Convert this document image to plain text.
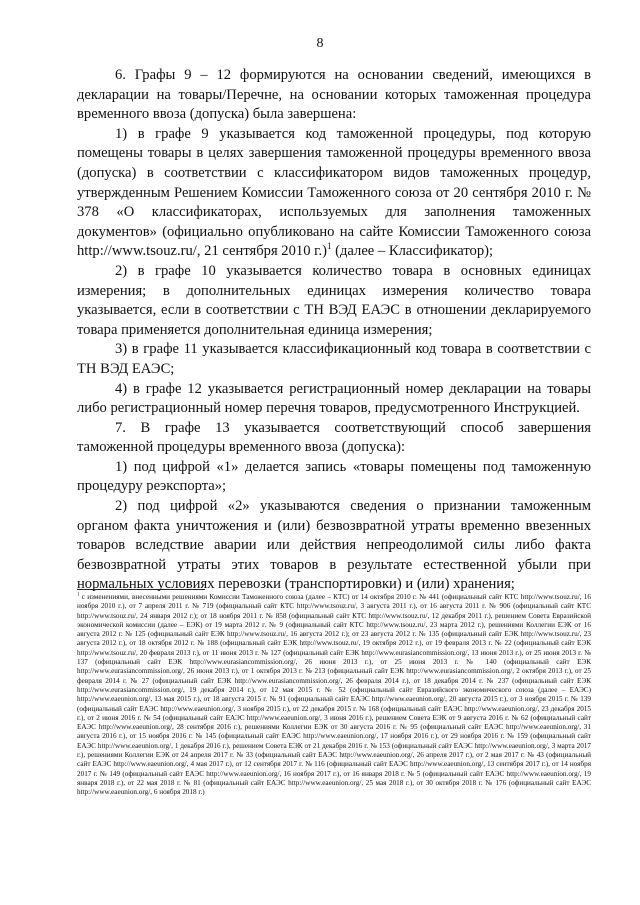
8

6. Графы 9 – 12 формируются на основании сведений, имеющихся в декларации на товары/Перечне, на основании которых таможенная процедура временного ввоза (допуска) была завершена:

1) в графе 9 указывается код таможенной процедуры, под которую помещены товары в целях завершения таможенной процедуры временного ввоза (допуска) в соответствии с классификатором видов таможенных процедур, утвержденным Решением Комиссии Таможенного союза от 20 сентября 2010 г. № 378 «О классификаторах, используемых для заполнения таможенных документов» (официально опубликовано на сайте Комиссии Таможенного союза http://www.tsouz.ru/, 21 сентября 2010 г.)$^1$ (далее – Классификатор);

2) в графе 10 указывается количество товара в основных единицах измерения; в дополнительных единицах измерения количество товара указывается, если в соответствии с ТН ВЭД ЕАЭС в отношении декларируемого товара применяется дополнительная единица измерения;

3) в графе 11 указывается классификационный код товара в соответствии с ТН ВЭД ЕАЭС;

4) в графе 12 указывается регистрационный номер декларации на товары либо регистрационный номер перечня товаров, предусмотренного Инструкцией.

7. В графе 13 указывается соответствующий способ завершения таможенной процедуры временного ввоза (допуска):

1) под цифрой «1» делается запись «товары помещены под таможенную процедуру реэкспорта»;

2) под цифрой «2» указываются сведения о признании таможенным органом факта уничтожения и (или) безвозвратной утраты временно ввезенных товаров вследствие аварии или действия непреодолимой силы либо факта безвозвратной утраты этих товаров в результате естественной убыли при нормальных условиях перевозки (транспортировки) и (или) хранения;

$^1$ с изменениями, внесенными решениями Комиссии Таможенного союза (далее – КТС) от 14 октября 2010 г. № 441 (официальный сайт КТС http://www.tsouz.ru/, 16 ноября 2010 г.), от 7 апреля 2011 г. № 719 (официальный сайт КТС http://www.tsouz.ru/, 3 августа 2011 г.), от 16 августа 2011 г. № 906 (официальный сайт КТС http://www.tsouz.ru/, 24 января 2012 г.); от 18 ноября 2011 г. № 858 (официальный сайт КТС http://www.tsouz.ru/, 12 декабря 2011 г.), решением Совета Евразийской экономической комиссии (далее – ЕЭК) от 19 марта 2012 г. № 9 (официальный сайт КТС http://www.tsouz.ru/, 23 марта 2012 г.), решениями Коллегии ЕЭК от 16 августа 2012 г. № 125 (официальный сайт ЕЭК http://www.tsouz.ru/, 16 августа 2012 г.); от 23 августа 2012 г. № 135 (официальный сайт ЕЭК http://www.tsouz.ru/, 23 августа 2012 г.), от 18 октября 2012 г. № 188 (официальный сайт ЕЭК http://www.tsouz.ru/, 19 октября 2012 г.), от 19 февраля 2013 г. № 22 (официальный сайт ЕЭК http://www.tsouz.ru/, 20 февраля 2013 г.), от 11 июня 2013 г. № 127 (официальный сайт ЕЭК http://www.eurasiancommission.org/, 13 июня 2013 г.), от 25 июня 2013 г. № 137 (официальный сайт ЕЭК http://www.eurasiancommission.org/, 26 июня 2013 г.), от 25 июня 2013 г. № 140 (официальный сайт ЕЭК http://www.eurasiancommission.org/, 26 июня 2013 г.), от 1 октября 2013 г. № 213 (официальный сайт ЕЭК http://www.eurasiancommission.org/, 2 октября 2013 г.), от 25 февраля 2014 г. № 27 (официальный сайт ЕЭК http://www.eurasiancommission.org/, 26 февраля 2014 г.), от 18 декабря 2014 г. № 237 (официальный сайт ЕЭК http://www.eurasiancommission.org/, 19 декабря 2014 г.), от 12 мая 2015 г. № 52 (официальный сайт Евразийского экономического союза (далее – ЕАЭС) http://www.eaeunion.org/, 13 мая 2015 г.), от 18 августа 2015 г. № 91 (официальный сайт ЕАЭС http://www.eaeunion.org/, 20 августа 2015 г.), от 3 ноября 2015 г. № 139 (официальный сайт ЕАЭС http://www.eaeunion.org/, 3 ноября 2015 г.), от 22 декабря 2015 г. № 168 (официальный сайт ЕАЭС http://www.eaeunion.org/, 23 декабря 2015 г.), от 2 июня 2016 г. № 54 (официальный сайт ЕАЭС http://www.eaeunion.org/, 3 июня 2016 г.), решением Совета ЕЭК от 9 августа 2016 г. № 62 (официальный сайт ЕАЭС http://www.eaeunion.org/, 28 сентября 2016 г.), решениями Коллегии ЕЭК от 30 августа 2016 г. № 95 (официальный сайт ЕАЭС http://www.eaeunion.org/, 31 августа 2016 г.), от 15 ноября 2016 г. № 145 (официальный сайт ЕАЭС http://www.eaeunion.org/, 17 ноября 2016 г.), от 29 ноября 2016 г. № 159 (официальный сайт ЕАЭС http://www.eaeunion.org/, 1 декабря 2016 г.), решением Совета ЕЭК от 21 декабря 2016 г. № 153 (официальный сайт ЕАЭС http://www.eaeunion.org/, 3 марта 2017 г.), решениями Коллегии ЕЭК от 24 апреля 2017 г. № 33 (официальный сайт ЕАЭС http://www.eaeunion.org/, 26 апреля 2017 г.), от 2 мая 2017 г. № 43 (официальный сайт ЕАЭС http://www.eaeunion.org/, 4 мая 2017 г.), от 12 сентября 2017 г. № 116 (официальный сайт ЕАЭС http://www.eaeunion.org/, 13 сентября 2017 г.), от 14 ноября 2017 г. № 149 (официальный сайт ЕАЭС http://www.eaeunion.org/, 16 ноября 2017 г.), от 16 января 2018 г. № 5 (официальный сайт ЕАЭС http://www.eaeunion.org/, 19 января 2018 г.), от 22 мая 2018 г. № 81 (официальный сайт ЕАЭС http://www.eaeunion.org/, 25 мая 2018 г.), от 30 октября 2018 г. № 176 (официальный сайт ЕАЭС http://www.eaeunion.org/, 6 ноября 2018 г.)
